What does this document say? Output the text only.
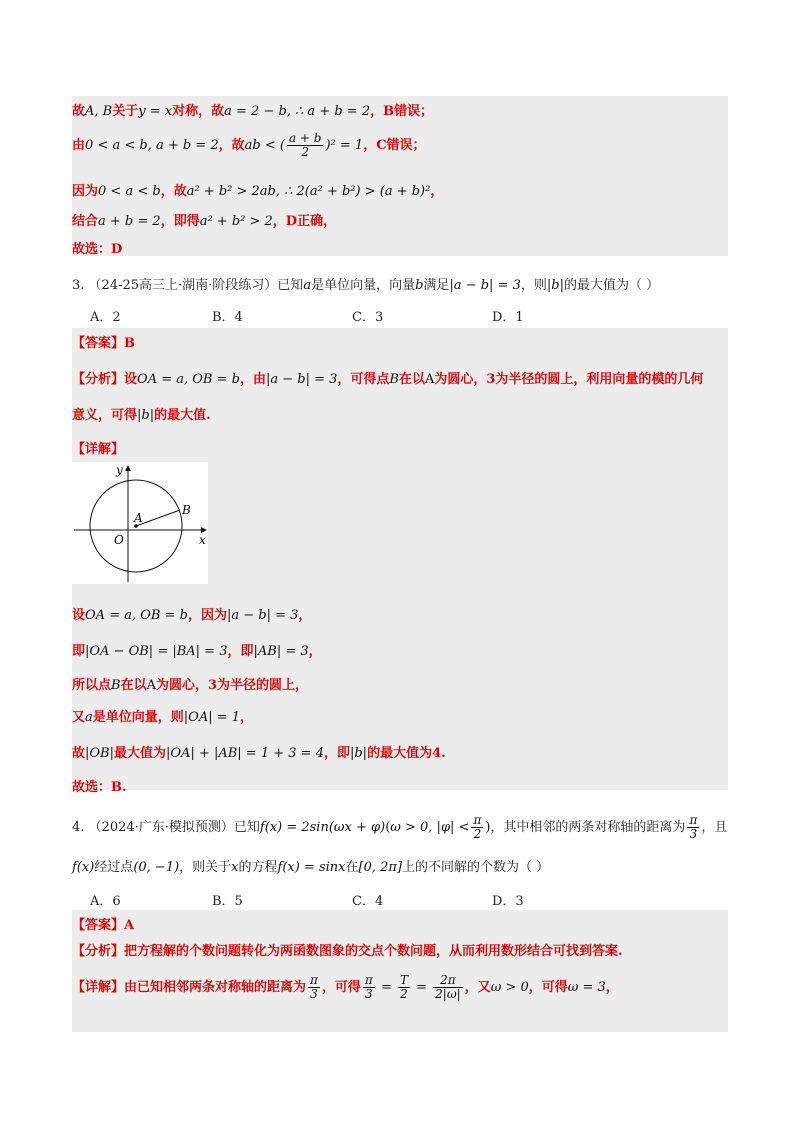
故A, B关于y = x对称，故a = 2 − b, ∴ a + b = 2，B错误；
由0 < a < b, a + b = 2，故ab < ( $\frac{a + b}{2} )^2 = 1$，C错误；
因为0 < a < b，故a² + b² > 2ab, ∴ 2(a² + b²) > (a + b)²，
结合a + b = 2，即得a² + b² > 2，D正确，
故选：D
3. （24-25高三上·湖南·阶段练习）已知a是单位向量，向量b满足|a − b| = 3，则|b|的最大值为（ ）
A．2	B．4	C．3	D．1
【答案】B
【分析】设OA = a, OB = b，由|a − b| = 3，可得点B在以A为圆心，3为半径的圆上，利用向量的模的几何
意义，可得|b|的最大值.
【详解】
y
x
O
A
B
设OA = a, OB = b，因为|a − b| = 3，
即|OA − OB| = |BA| = 3，即|AB| = 3，
所以点B在以A为圆心，3为半径的圆上，
又a是单位向量，则|OA| = 1，
故|OB|最大值为|OA| + |AB| = 1 + 3 = 4，即|b|的最大值为4.
故选：B.
4. （2024·广东·模拟预测）已知f(x) = 2sin(ωx + φ)(ω > 0, $|\varphi| < \frac{\pi}{2}$ )，其中相邻的两条对称轴的距离为 $\frac{\pi}{3}$ ，且
f(x)经过点(0, −1)，则关于x的方程f(x) = sinx在[0, 2π]上的不同解的个数为（ ）
A．6	B．5	C．4	D．3
【答案】A
【分析】把方程解的个数问题转化为两函数图象的交点个数问题，从而利用数形结合可找到答案.
【详解】由已知相邻两条对称轴的距离为 $\frac{\pi}{3}$ ，可得 $\frac{\pi}{3} = \frac{T}{2} = \frac{2\pi}{2|\omega|}$ ，又ω > 0，可得ω = 3，
